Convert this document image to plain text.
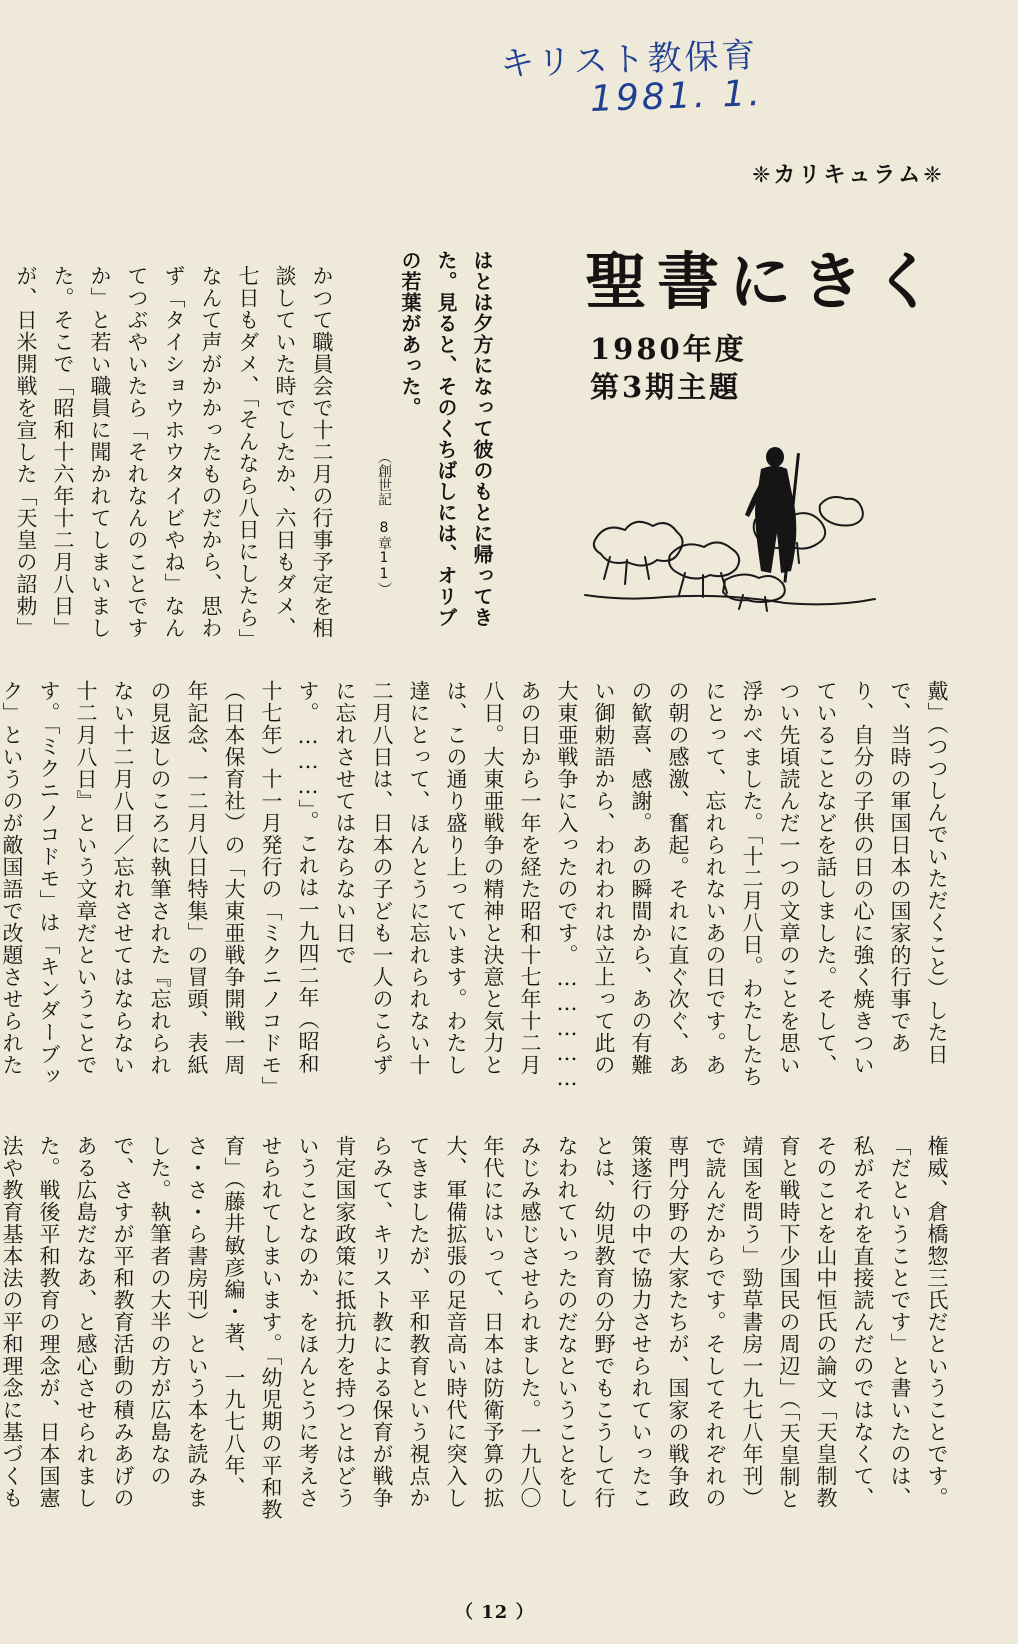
キリスト教保育
1981. 1.
❈カリキュラム❈
聖書にきく
1980年度
第3期主題

はとは夕方になって彼のもとに帰ってきた。見ると、そのくちばしには、オリブの若葉があった。

（創世記　8章11）

かつて職員会で十二月の行事予定を相談していた時でしたか、六日もダメ、七日もダメ、「そんなら八日にしたら」なんて声がかかったものだから、思わず「タイショウホウタイビやね」なんてつぶやいたら「それなんのことですか」と若い職員に聞かれてしまいました。そこで「昭和十六年十二月八日」が、日米開戦を宣した「天皇の詔勅」

戴」（つつしんでいただくこと）した日で、当時の軍国日本の国家的行事であり、自分の子供の日の心に強く焼きついていることなどを話しました。そして、つい先頃読んだ一つの文章のことを思い浮かべました。「十二月八日。わたしたちにとって、忘れられないあの日です。あの朝の感激、奮起。それに直ぐ次ぐ、あの歓喜、感謝。あの瞬間から、あの有難い御勅語から、われわれは立上って此の大東亜戦争に入ったのです。……………あの日から一年を経た昭和十七年十二月八日。大東亜戦争の精神と決意と気力とは、この通り盛り上っています。わたし達にとって、ほんとうに忘れられない十二月八日は、日本の子ども一人のこらずに忘れさせてはならない日です。………」。これは一九四二年（昭和十七年）十一月発行の「ミクニノコドモ」（日本保育社）の「大東亜戦争開戦一周年記念、一二月八日特集」の冒頭、表紙の見返しのころに執筆された『忘れられない十二月八日／忘れさせてはならない十二月八日』という文章だということです。「ミクニノコドモ」は「キンダーブック」というのが敵国語で改題させられた

権威、倉橋惣三氏だということです。「だということです」と書いたのは、私がそれを直接読んだのではなくて、そのことを山中恒氏の論文「天皇制教育と戦時下少国民の周辺」（「天皇制と靖国を問う」勁草書房一九七八年刊）で読んだからです。そしてそれぞれの専門分野の大家たちが、国家の戦争政策遂行の中で協力させられていったことは、幼児教育の分野でもこうして行なわれていったのだなということをしみじみ感じさせられました。一九八〇年代にはいって、日本は防衛予算の拡大、軍備拡張の足音高い時代に突入してきましたが、平和教育という視点からみて、キリスト教による保育が戦争肯定国家政策に抵抗力を持つとはどういうことなのか、をほんとうに考えさせられてしまいます。「幼児期の平和教育」（藤井敏彦編・著、一九七八年、さ・さ・ら書房刊）という本を読みました。執筆者の大半の方が広島なので、さすが平和教育活動の積みあげのある広島だなあ、と感心させられました。戦後平和教育の理念が、日本国憲法や教育基本法の平和理念に基づくも

（ 12 ）
